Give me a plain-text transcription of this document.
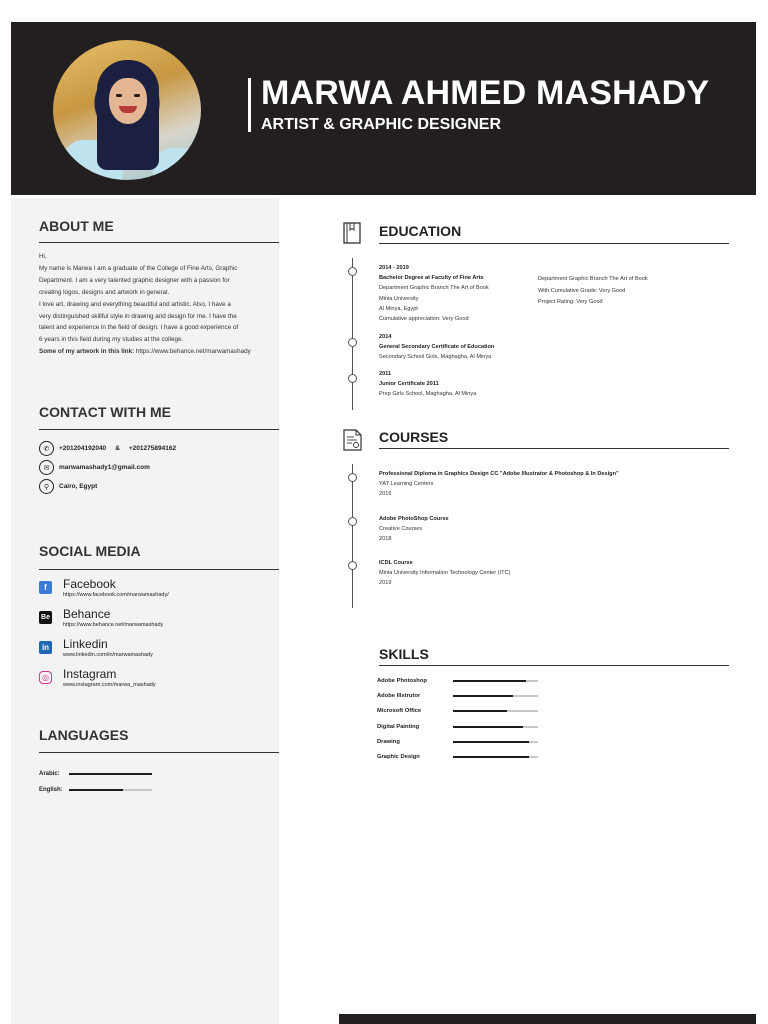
MARWA AHMED MASHADY
ARTIST & GRAPHIC DESIGNER
ABOUT ME

Hi,

My name is Marwa I am a graduate of the College of Fine Arts, Graphic

Department. I am a very talented graphic designer with a passion for

creating logos, designs and artwork in general.

I love art, drawing and everything beautiful and artistic. Also, I have a

very distinguished skillful style in drawing and design for me. I have the

talent and experience in the field of design. I have a good experience of

6 years in this field during my studies at the college.

Some of my artwork in this link: https://www.behance.net/marwamashady

CONTACT WITH ME
✆	+201204192040 & +201275894162
✉	marwamashady1@gmail.com
⚲	Cairo, Egypt
SOCIAL MEDIA
f	Facebook
https://www.facebook.com/marwamashady/
Be Behance
https://www.behance.net/marwamashady
in Linkedin
www.linkedin.com/in/marwamashady
◎ Instagram
www.instagram.com/marwa_mashady
LANGUAGES
Arabic:
English:
EDUCATION
2014 - 2019
Bachelor Degree at Faculty of Fine Arts
Department Graphic Branch The Art of Book
Minia University
Al Minya, Egypt
Cumulative appreciation: Very Good
Department Graphic Branch The Art of Book
With Cumulative Grade: Very Good
Project Rating: Very Good
2014
General Secondary Certificate of Education
Secondary School Girls, Maghagha, Al Minya
2011
Junior Certificate 2011
Prep Girls School, Maghagha, Al Minya
COURSES
Professional Diploma in Graphics Design CC "Adobe Illustrator & Photoshop & In Design"
YAT Learning Centers
2016
Adobe PhotoShop Course
Creative Courses
2018
ICDL Course
Minia University Information Technology Center (ITC)
2019
SKILLS
Adobe Photoshop
Adobe Illstrutor
Microsoft Office
Digital Painting
Drawing
Graphic Design
